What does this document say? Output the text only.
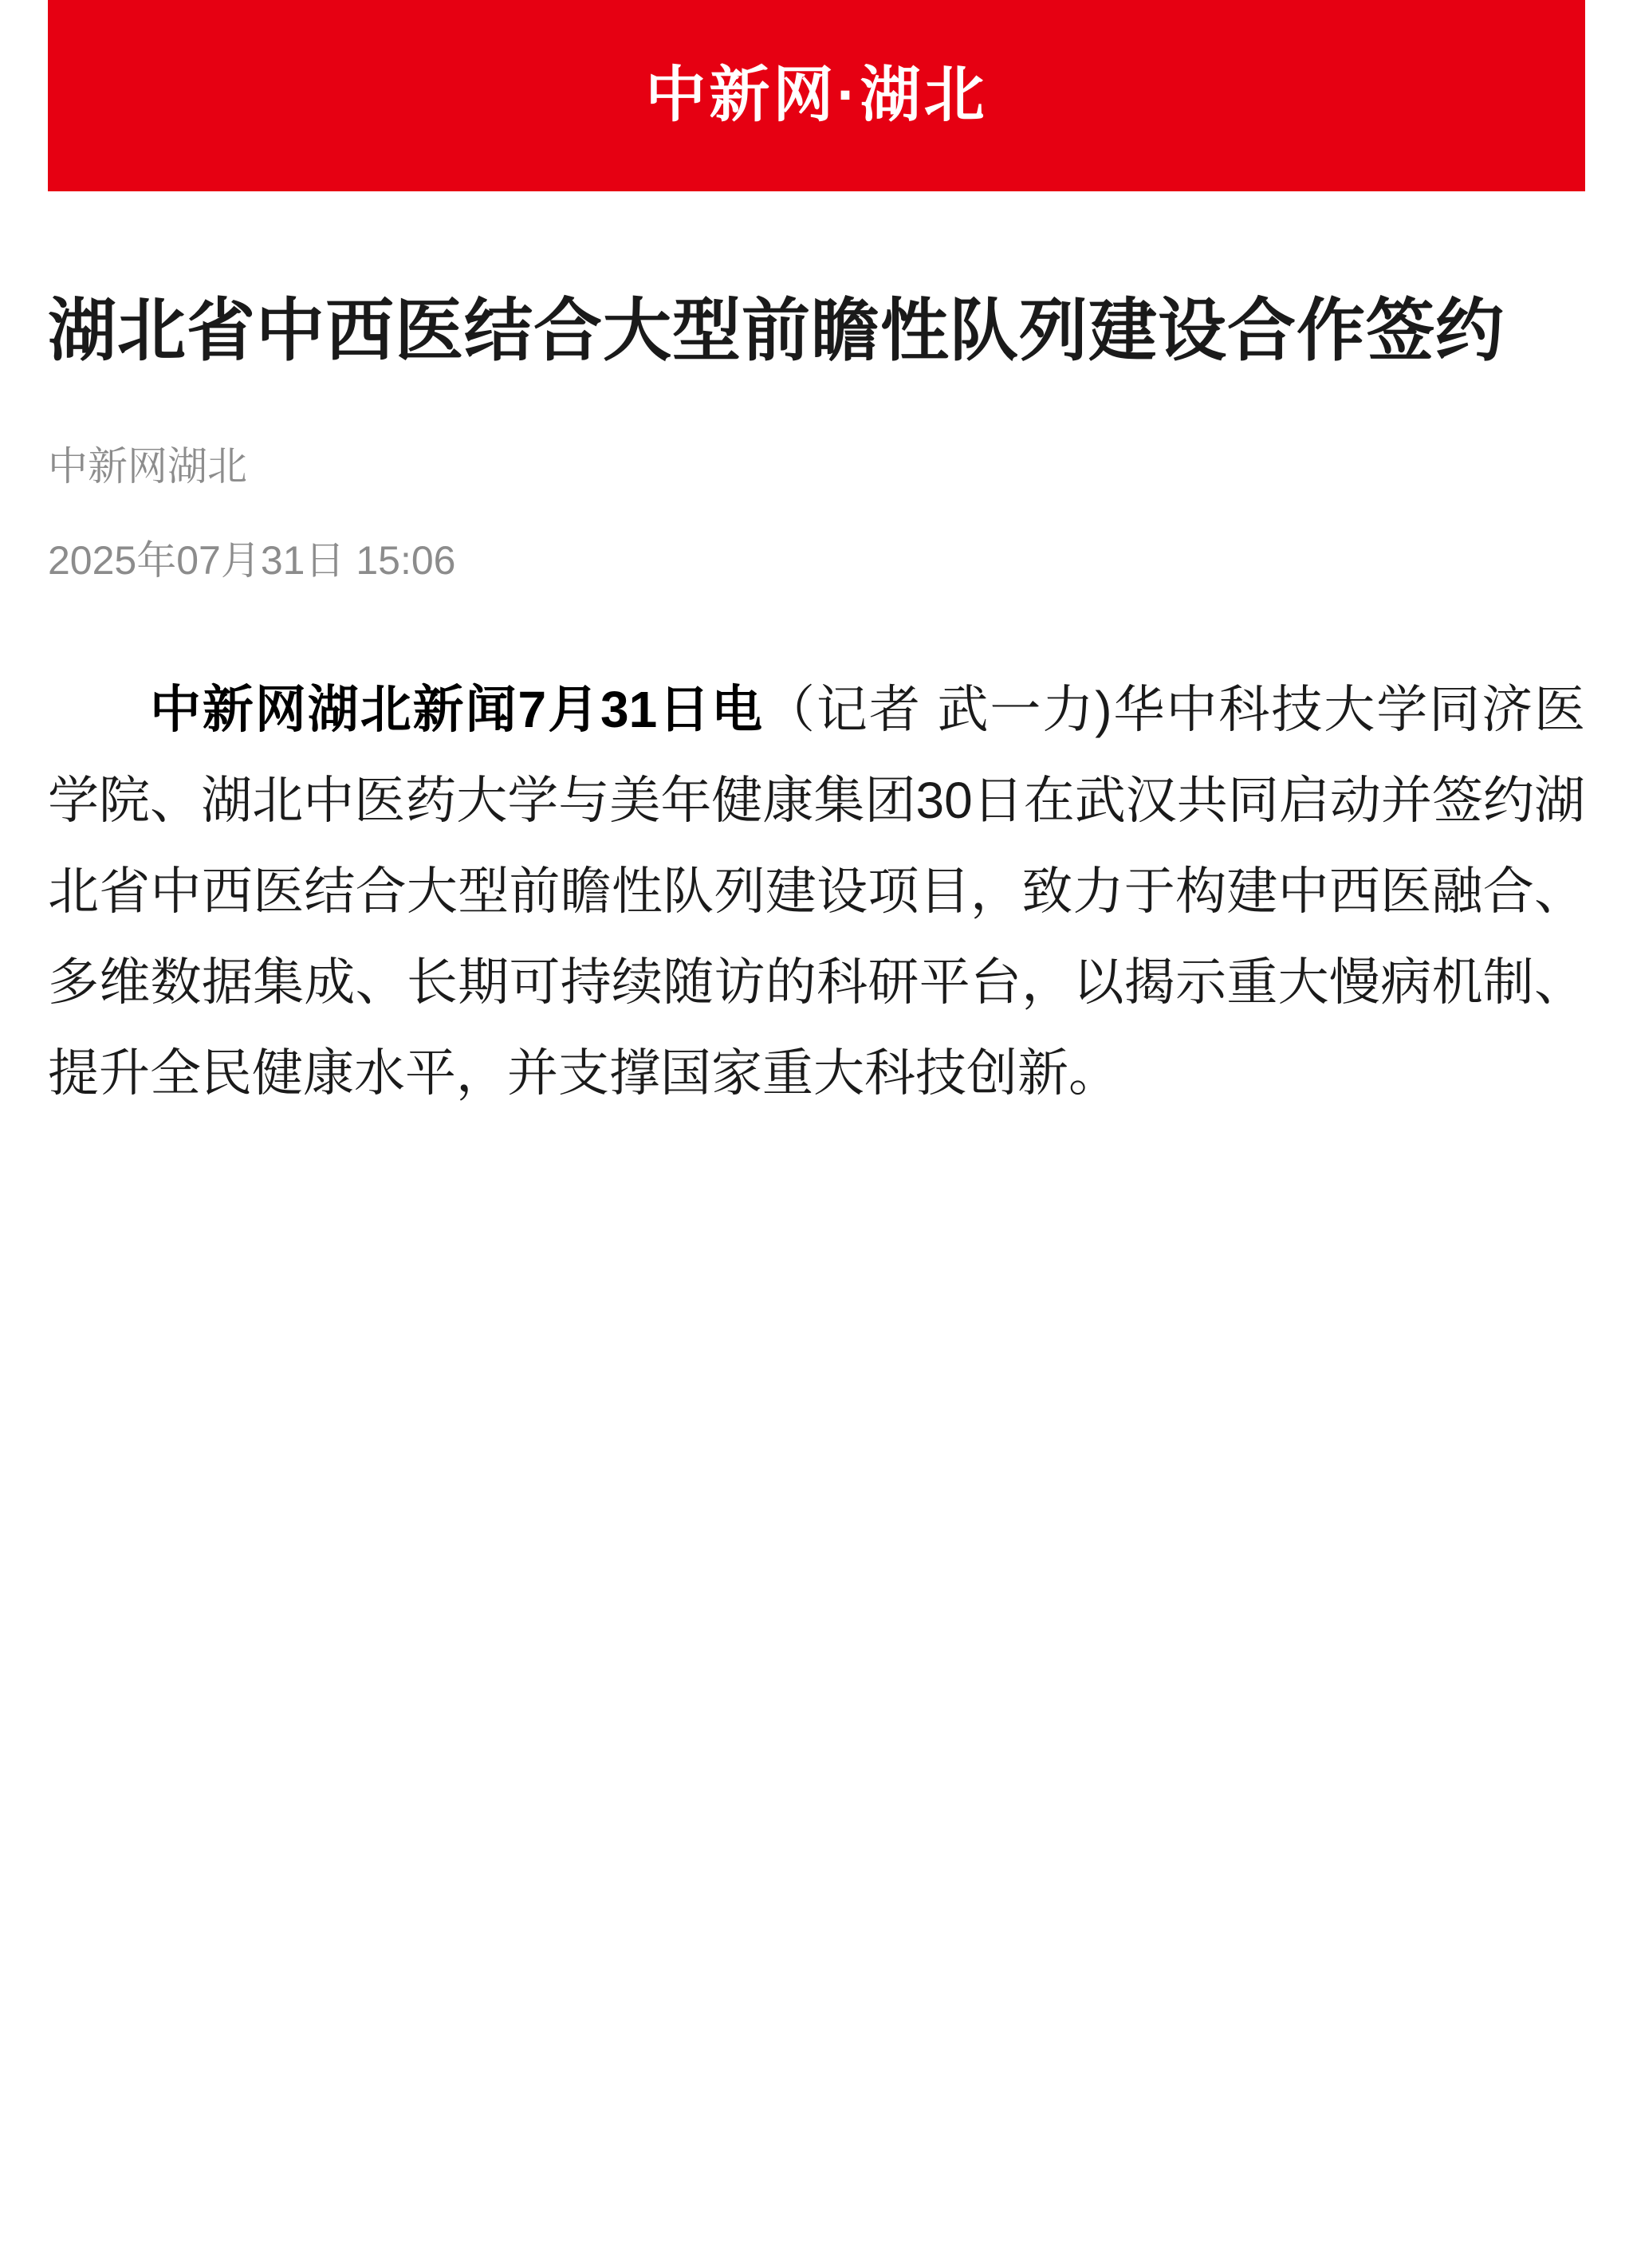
中新网·湖北
湖北省中西医结合大型前瞻性队列建设合作签约
中新网湖北
2025年07月31日 15:06

中新网湖北新闻7月31日电（记者 武一力)华中科技大学同济医学院、湖北中医药大学与美年健康集团30日在武汉共同启动并签约湖北省中西医结合大型前瞻性队列建设项目，致力于构建中西医融合、多维数据集成、长期可持续随访的科研平台，以揭示重大慢病机制、提升全民健康水平，并支撑国家重大科技创新。
